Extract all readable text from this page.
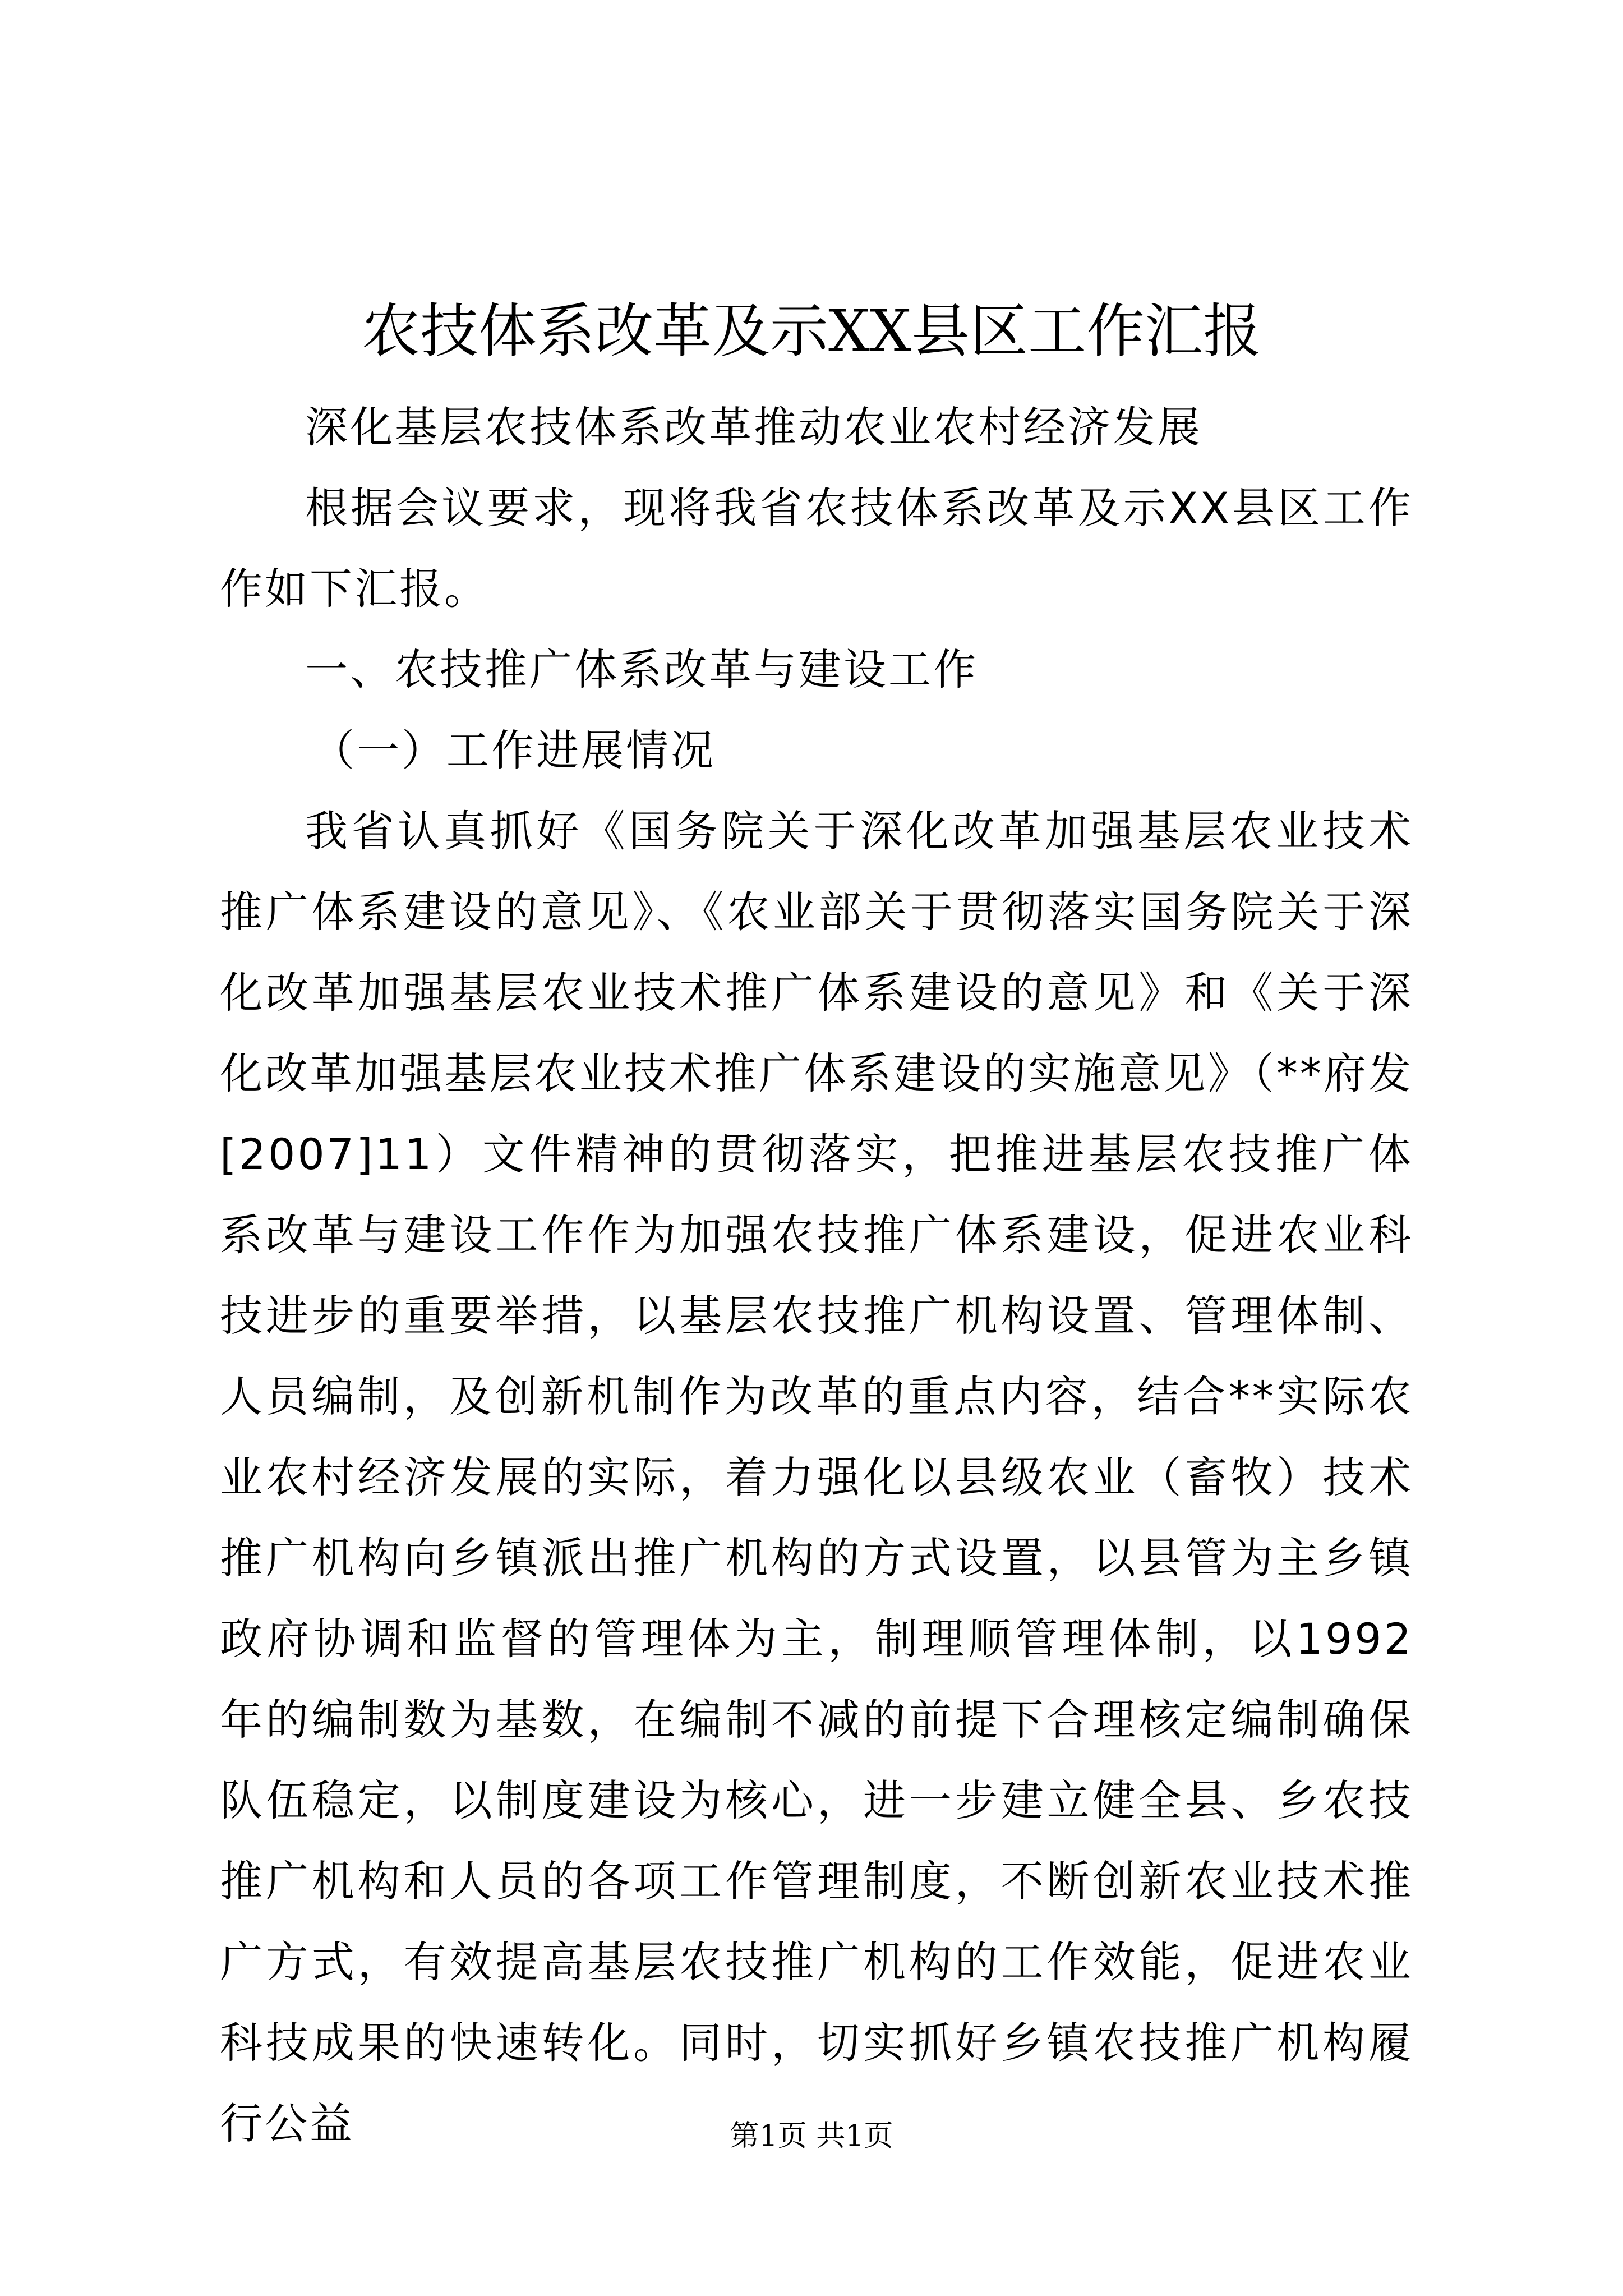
农技体系改革及示XX县区工作汇报

深化基层农技体系改革推动农业农村经济发展

根据会议要求，现将我省农技体系改革及示XX县区工作作如下汇报。

一、农技推广体系改革与建设工作

（一）工作进展情况

我省认真抓好《国务院关于深化改革加强基层农业技术推广体系建设的意见》、《农业部关于贯彻落实国务院关于深化改革加强基层农业技术推广体系建设的意见》和《关于深化改革加强基层农业技术推广体系建设的实施意见》（**府发[2007]11）文件精神的贯彻落实，把推进基层农技推广体系改革与建设工作作为加强农技推广体系建设，促进农业科技进步的重要举措，以基层农技推广机构设置、管理体制、人员编制，及创新机制作为改革的重点内容，结合**实际农业农村经济发展的实际，着力强化以县级农业（畜牧）技术推广机构向乡镇派出推广机构的方式设置，以县管为主乡镇政府协调和监督的管理体为主，制理顺管理体制，以1992年的编制数为基数，在编制不减的前提下合理核定编制确保队伍稳定，以制度建设为核心，进一步建立健全县、乡农技推广机构和人员的各项工作管理制度，不断创新农业技术推广方式，有效提高基层农技推广机构的工作效能，促进农业科技成果的快速转化。同时，切实抓好乡镇农技推广机构履行公益	第1页 共1页
